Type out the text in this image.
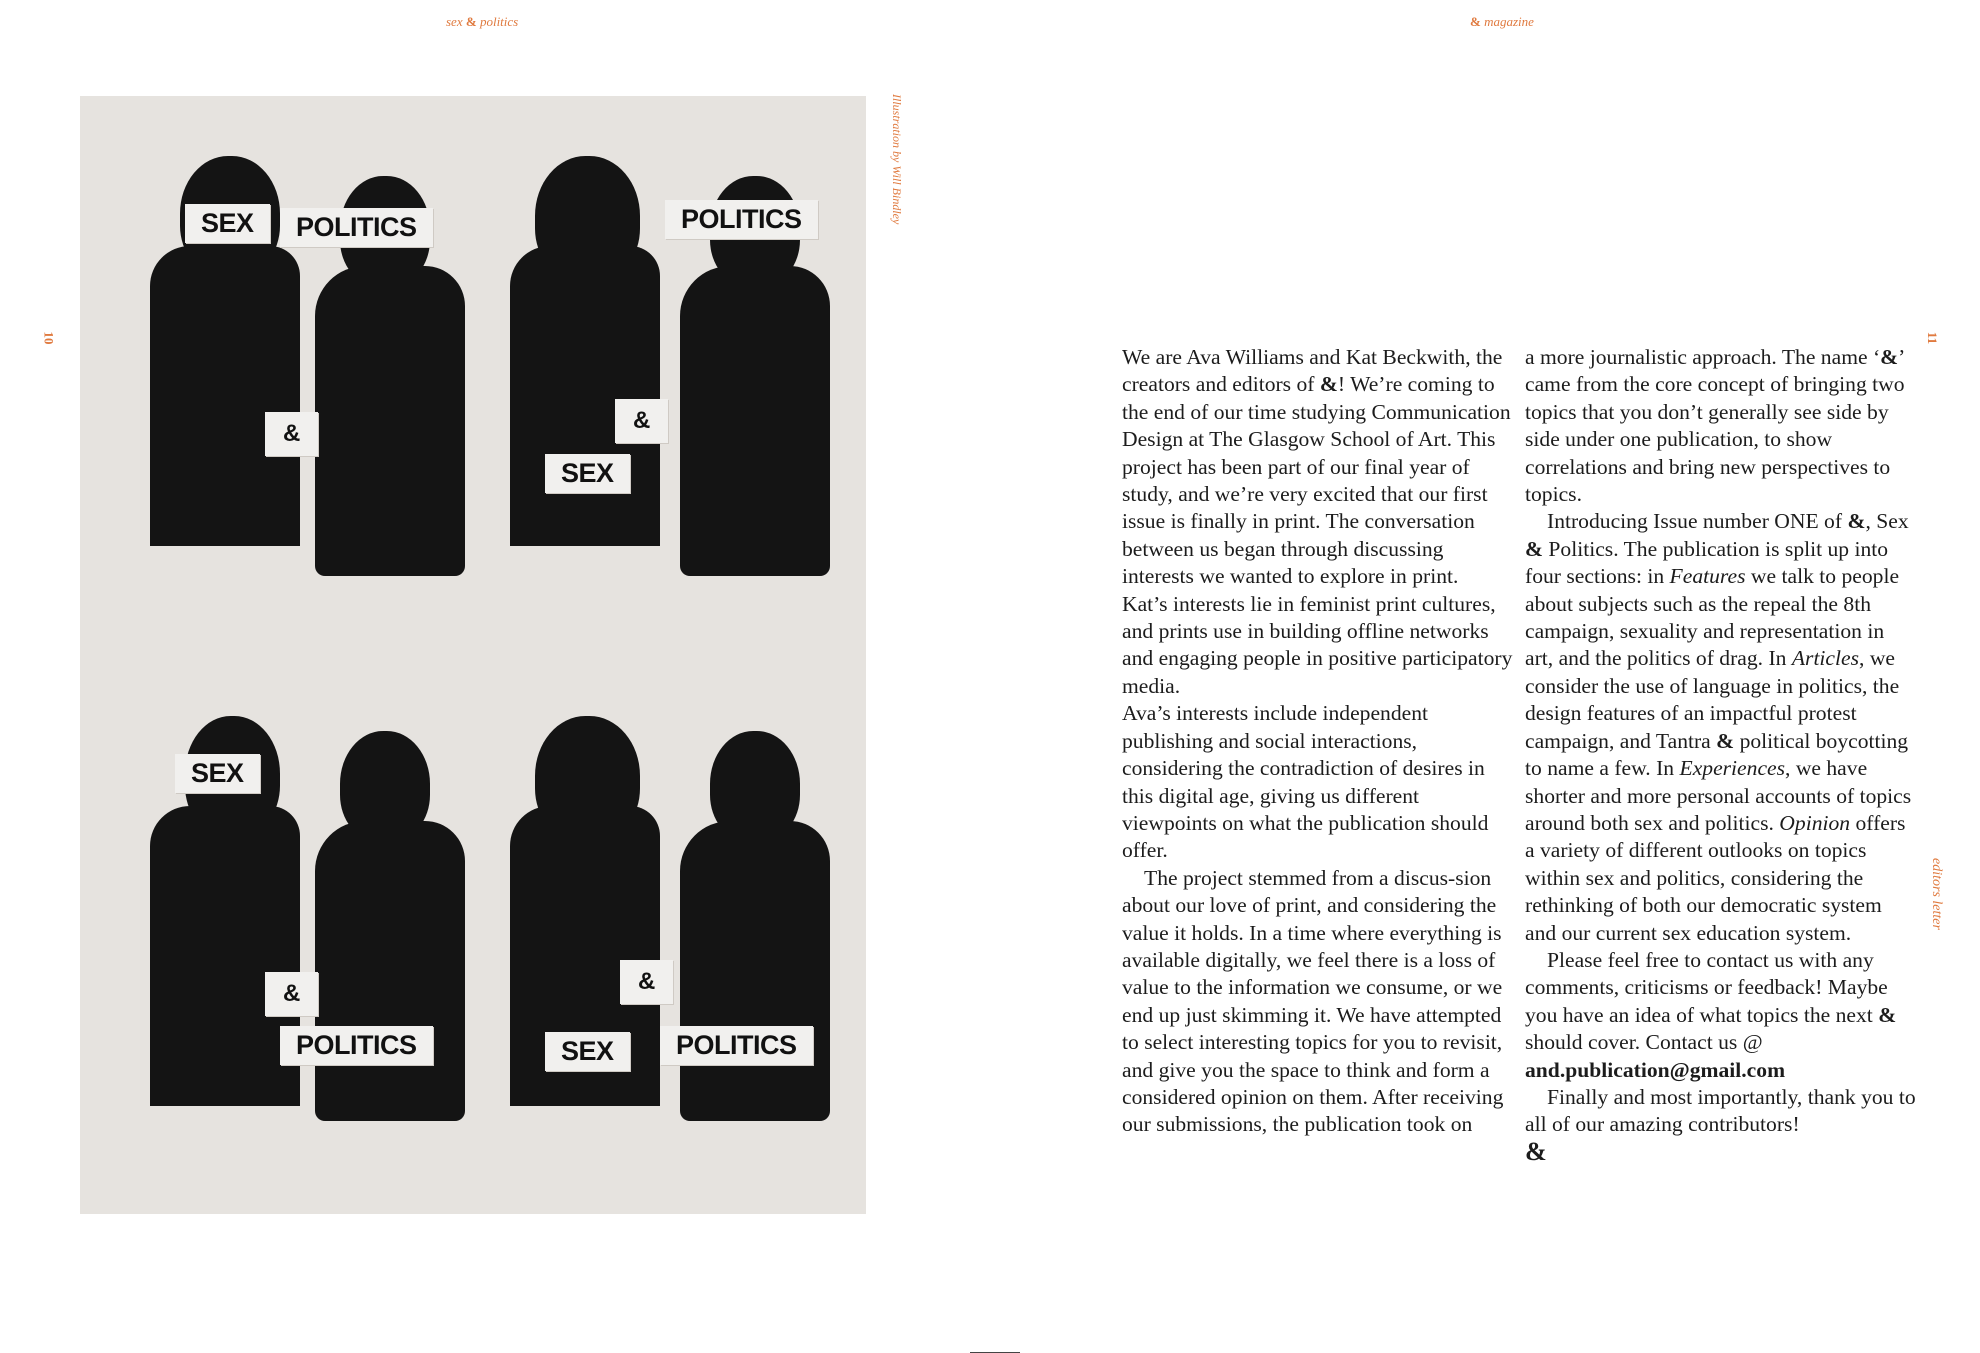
sex & politics	& magazine
10	11
Illustration by Will Bindley
editors letter
SEX	POLITICS
&
POLITICS
&
SEX
SEX
&
POLITICS
&
SEX	POLITICS

We are Ava Williams and Kat Beckwith, the creators and editors of &! We’re coming to the end of our time studying Communication Design at The Glasgow School of Art. This project has been part of our final year of study, and we’re very excited that our first issue is finally in print. The conversation between us began through discussing interests we wanted to explore in print.

Kat’s interests lie in feminist print cultures, and prints use in building offline networks and engaging people in positive participatory media.

Ava’s interests include independent publishing and social interactions, considering the contradiction of desires in this digital age, giving us different viewpoints on what the publication should offer.

The project stemmed from a discus-sion about our love of print, and considering the value it holds. In a time where everything is available digitally, we feel there is a loss of value to the information we consume, or we end up just skimming it. We have attempted to select interesting topics for you to revisit, and give you the space to think and form a considered opinion on them. After receiving our submissions, the publication took on

a more journalistic approach. The name ‘&’ came from the core concept of bringing two topics that you don’t generally see side by side under one publication, to show correlations and bring new perspectives to topics.

Introducing Issue number ONE of &, Sex & Politics. The publication is split up into four sections: in Features we talk to people about subjects such as the repeal the 8th campaign, sexuality and representation in art, and the politics of drag. In Articles, we consider the use of language in politics, the design features of an impactful protest campaign, and Tantra & political boycotting to name a few. In Experiences, we have shorter and more personal accounts of topics around both sex and politics. Opinion offers a variety of different outlooks on topics within sex and politics, considering the rethinking of both our democratic system and our current sex education system.

Please feel free to contact us with any comments, criticisms or feedback! Maybe you have an idea of what topics the next & should cover. Contact us @ and.publication@gmail.com

Finally and most importantly, thank you to all of our amazing contributors!

&
